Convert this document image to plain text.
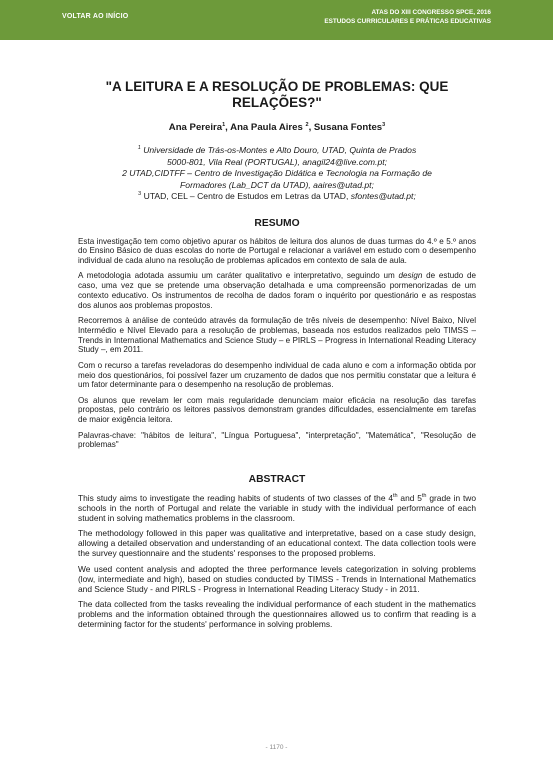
VOLTAR AO INÍCIO
ATAS DO XIII CONGRESSO SPCE, 2016
ESTUDOS CURRICULARES E PRÁTICAS EDUCATIVAS
"A LEITURA E A RESOLUÇÃO DE PROBLEMAS: QUE
RELAÇÕES?"
Ana Pereira$^1$, Ana Paula Aires $^2$, Susana Fontes$^3$
$^1$ Universidade de Trás-os-Montes e Alto Douro, UTAD, Quinta de Prados
5000-801, Vila Real (PORTUGAL), anagil24@live.com.pt;
2 UTAD,CIDTFF – Centro de Investigação Didática e Tecnologia na Formação de
Formadores (Lab_DCT da UTAD), aaires@utad.pt;
$^3$ UTAD, CEL – Centro de Estudos em Letras da UTAD, sfontes@utad.pt;
RESUMO

Esta investigação tem como objetivo apurar os hábitos de leitura dos alunos de duas turmas do 4.º e 5.º anos do Ensino Básico de duas escolas do norte de Portugal e relacionar a variável em estudo com o desempenho individual de cada aluno na resolução de problemas aplicados em contexto de sala de aula.

A metodologia adotada assumiu um caráter qualitativo e interpretativo, seguindo um design de estudo de caso, uma vez que se pretende uma observação detalhada e uma compreensão pormenorizadas de um contexto educativo. Os instrumentos de recolha de dados foram o inquérito por questionário e as respostas dos alunos aos problemas propostos.

Recorremos à análise de conteúdo através da formulação de três níveis de desempenho: Nível Baixo, Nível Intermédio e Nível Elevado para a resolução de problemas, baseada nos estudos realizados pelo TIMSS – Trends in International Mathematics and Science Study – e PIRLS – Progress in International Reading Literacy Study –, em 2011.

Com o recurso a tarefas reveladoras do desempenho individual de cada aluno e com a informação obtida por meio dos questionários, foi possível fazer um cruzamento de dados que nos permitiu constatar que a leitura é um fator determinante para o desempenho na resolução de problemas.

Os alunos que revelam ler com mais regularidade denunciam maior eficácia na resolução das tarefas propostas, pelo contrário os leitores passivos demonstram grandes dificuldades, essencialmente em tarefas de maior exigência leitora.

Palavras-chave: "hábitos de leitura", "Língua Portuguesa", "interpretação", "Matemática", "Resolução de problemas"

ABSTRACT

This study aims to investigate the reading habits of students of two classes of the 4th and 5th grade in two schools in the north of Portugal and relate the variable in study with the individual performance of each student in solving mathematics problems in the classroom.

The methodology followed in this paper was qualitative and interpretative, based on a case study design, allowing a detailed observation and understanding of an educational context. The data collection tools were the survey questionnaire and the students' responses to the proposed problems.

We used content analysis and adopted the three performance levels categorization in solving problems (low, intermediate and high), based on studies conducted by TIMSS - Trends in International Mathematics and Science Study - and PIRLS - Progress in International Reading Literacy Study - in 2011.

The data collected from the tasks revealing the individual performance of each student in the mathematics problems and the information obtained through the questionnaires allowed us to confirm that reading is a determining factor for the students' performance in solving problems.

- 1170 -
